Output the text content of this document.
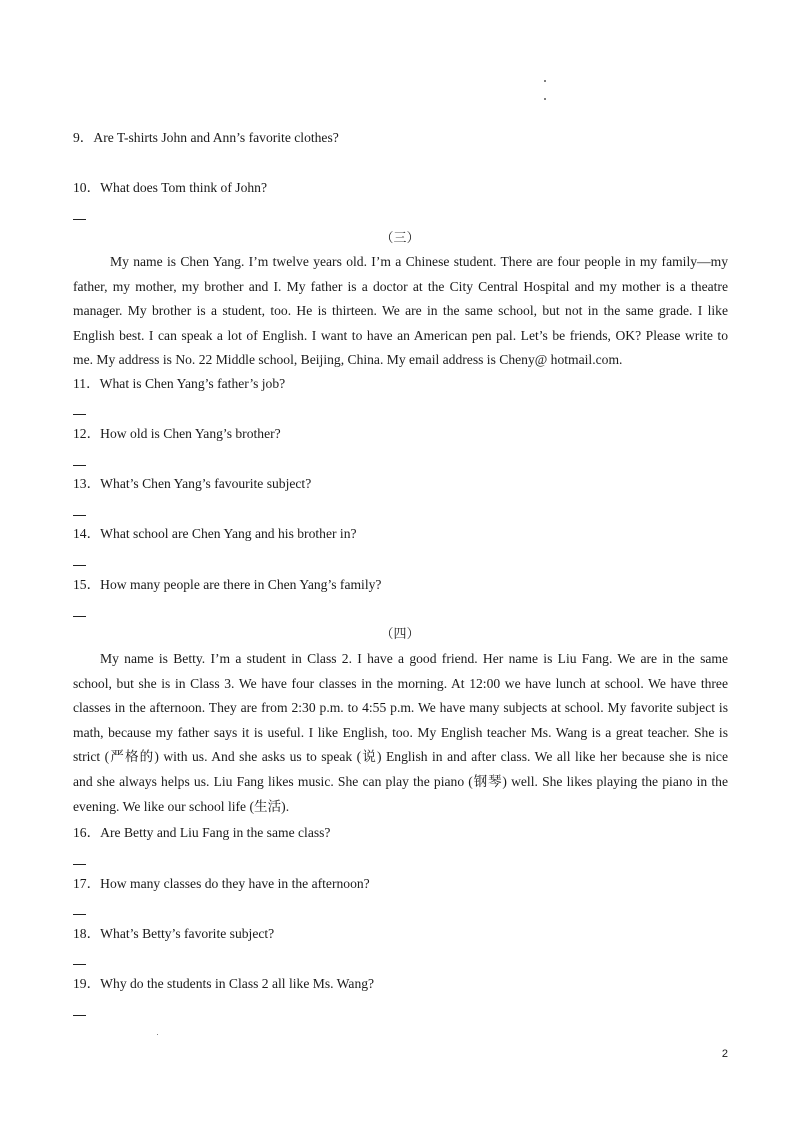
9．Are T-shirts John and Ann’s favorite clothes?
10．What does Tom think of John?
（三）
My name is Chen Yang. I’m twelve years old. I’m a Chinese student. There are four people in my family—my
father, my mother, my brother and I. My father is a doctor at the City Central Hospital and my mother is a theatre
manager. My brother is a student, too. He is thirteen. We are in the same school, but not in the same grade. I like
English best. I can speak a lot of English. I want to have an American pen pal. Let’s be friends, OK? Please write to
me. My address is No. 22 Middle school, Beijing, China. My email address is Cheny@ hotmail.com.
11．What is Chen Yang’s father’s job?
12．How old is Chen Yang’s brother?
13．What’s Chen Yang’s favourite subject?
14．What school are Chen Yang and his brother in?
15．How many people are there in Chen Yang’s family?
（四）
My name is Betty. I’m a student in Class 2. I have a good friend. Her name is Liu Fang. We are in the same
school, but she is in Class 3. We have four classes in the morning. At 12:00 we have lunch at school. We have three
classes in the afternoon. They are from 2:30 p.m. to 4:55 p.m. We have many subjects at school. My favorite subject is
math, because my father says it is useful. I like English, too. My English teacher Ms. Wang is a great teacher. She is
strict (严格的) with us. And she asks us to speak (说) English in and after class. We all like her because she is nice
and she always helps us. Liu Fang likes music. She can play the piano (钢琴) well. She likes playing the piano in the
evening. We like our school life (生活).
16．Are Betty and Liu Fang in the same class?
17．How many classes do they have in the afternoon?
18．What’s Betty’s favorite subject?
19．Why do the students in Class 2 all like Ms. Wang?
2
